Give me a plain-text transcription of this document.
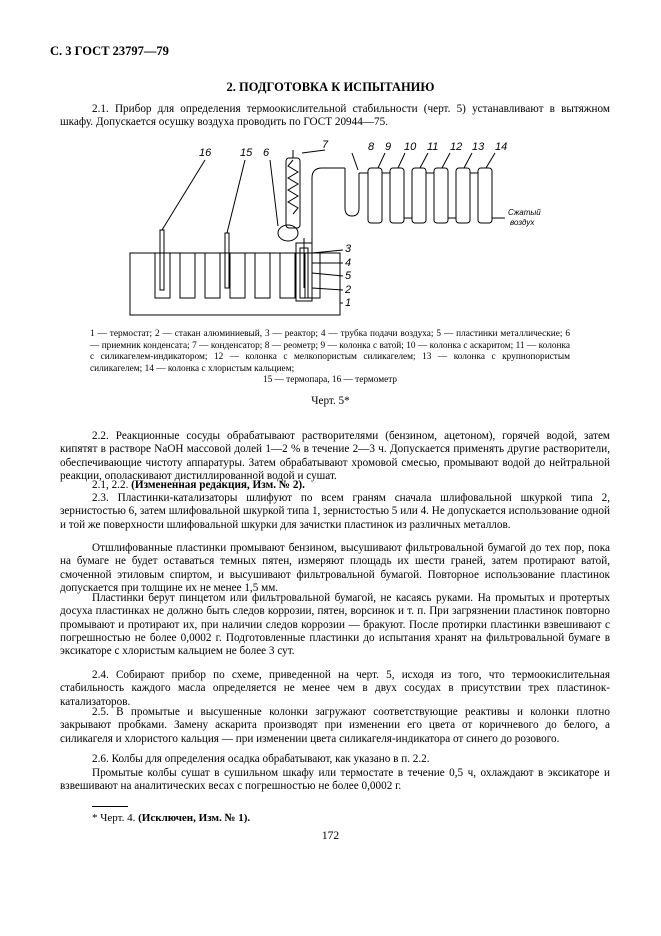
С. 3 ГОСТ 23797—79
2. ПОДГОТОВКА К ИСПЫТАНИЮ
2.1. Прибор для определения термоокислительной стабильности (черт. 5) устанавливают в вытяжном шкафу. Допускается осушку воздуха проводить по ГОСТ 20944—75.
16	15 6
7	8 9 10 11 12 13 14
3
4
5
2
1
Сжатый
воздух
1 — термостат; 2 — стакан алюминиевый, 3 — реактор; 4 — трубка подачи воздуха; 5 — пластинки металлические; 6 — приемник конденсата; 7 — конденсатор; 8 — реометр; 9 — колонка с ватой; 10 — колонка с аскаритом; 11 — колонка с силикагелем-индикатором; 12 — колонка с мелкопористым силикагелем; 13 — колонка с крупнопористым силикагелем; 14 — колонка с хлористым кальцием;
15 — термопара, 16 — термометр
Черт. 5*
2.2. Реакционные сосуды обрабатывают растворителями (бензином, ацетоном), горячей водой, затем кипятят в растворе NaOH массовой долей 1—2 % в течение 2—3 ч. Допускается применять другие растворители, обеспечивающие чистоту аппаратуры. Затем обрабатывают хромовой смесью, промывают водой до нейтральной реакции, ополаскивают дистиллированной водой и сушат.
2.1, 2.2. (Измененная редакция, Изм. № 2).
2.3. Пластинки-катализаторы шлифуют по всем граням сначала шлифовальной шкуркой типа 2, зернистостью 6, затем шлифовальной шкуркой типа 1, зернистостью 5 или 4. Не допускается использование одной и той же поверхности шлифовальной шкурки для зачистки пластинок из различных металлов.
Отшлифованные пластинки промывают бензином, высушивают фильтровальной бумагой до тех пор, пока на бумаге не будет оставаться темных пятен, измеряют площадь их шести граней, затем протирают ватой, смоченной этиловым спиртом, и высушивают фильтровальной бумагой. Повторное использование пластинок допускается при толщине их не менее 1,5 мм.
Пластинки берут пинцетом или фильтровальной бумагой, не касаясь руками. На промытых и протертых досуха пластинках не должно быть следов коррозии, пятен, ворсинок и т. п. При загрязнении пластинок повторно промывают и протирают их, при наличии следов коррозии — бракуют. После протирки пластинки взвешивают с погрешностью не более 0,0002 г. Подготовленные пластинки до испытания хранят на фильтровальной бумаге в эксикаторе с хлористым кальцием не более 3 сут.
2.4. Собирают прибор по схеме, приведенной на черт. 5, исходя из того, что термоокислительная стабильность каждого масла определяется не менее чем в двух сосудах в присутствии трех пластинок-катализаторов.
2.5. В промытые и высушенные колонки загружают соответствующие реактивы и колонки плотно закрывают пробками. Замену аскарита производят при изменении его цвета от коричневого до белого, а силикагеля и хлористого кальция — при изменении цвета силикагеля-индикатора от синего до розового.
2.6. Колбы для определения осадка обрабатывают, как указано в п. 2.2.
Промытые колбы сушат в сушильном шкафу или термостате в течение 0,5 ч, охлаждают в эксикаторе и взвешивают на аналитических весах с погрешностью не более 0,0002 г.
* Черт. 4. (Исключен, Изм. № 1).
172
